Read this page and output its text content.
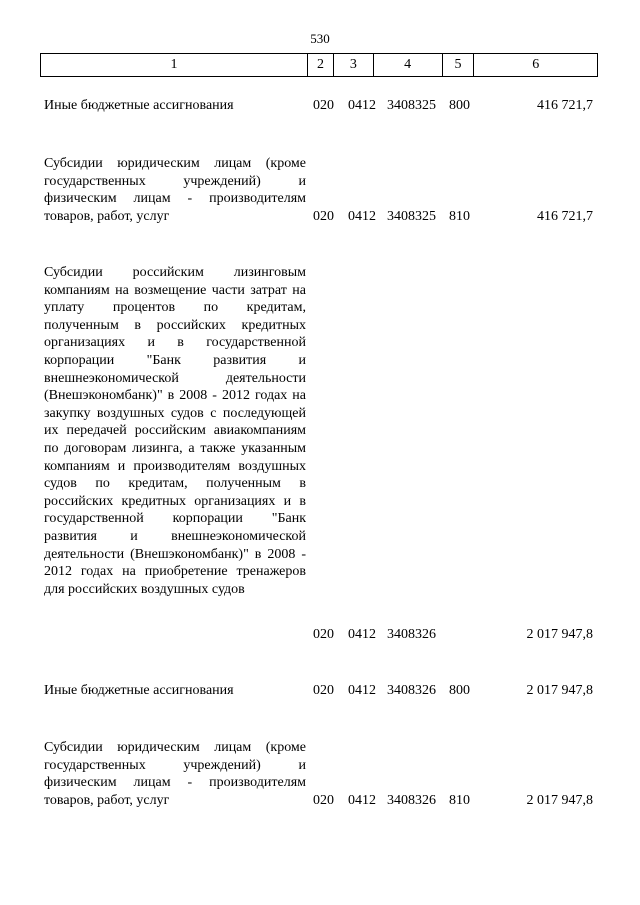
530
1	2	3	4	5	6
Иные бюджетные ассигнования	020 0412 3408325 800	416 721,7
Субсидии юридическим лицам (кроме государственных учреждений) и физическим лицам - производителям товаров, работ, услуг	020 0412 3408325 810	416 721,7
Субсидии российским лизинговым компаниям на возмещение части затрат на уплату процентов по кредитам, полученным в российских кредитных организациях и в государственной корпорации "Банк развития и внешнеэкономической деятельности (Внешэкономбанк)" в 2008 - 2012 годах на закупку воздушных судов с последующей их передачей российским авиакомпаниям по договорам лизинга, а также указанным компаниям и производителям воздушных судов по кредитам, полученным в российских кредитных организациях и в государственной корпорации "Банк развития и внешнеэкономической деятельности (Внешэкономбанк)" в 2008 - 2012 годах на приобретение тренажеров для российских воздушных судов
020 0412 3408326	2 017 947,8
Иные бюджетные ассигнования	020 0412 3408326 800	2 017 947,8
Субсидии юридическим лицам (кроме государственных учреждений) и физическим лицам - производителям товаров, работ, услуг	020 0412 3408326 810	2 017 947,8
